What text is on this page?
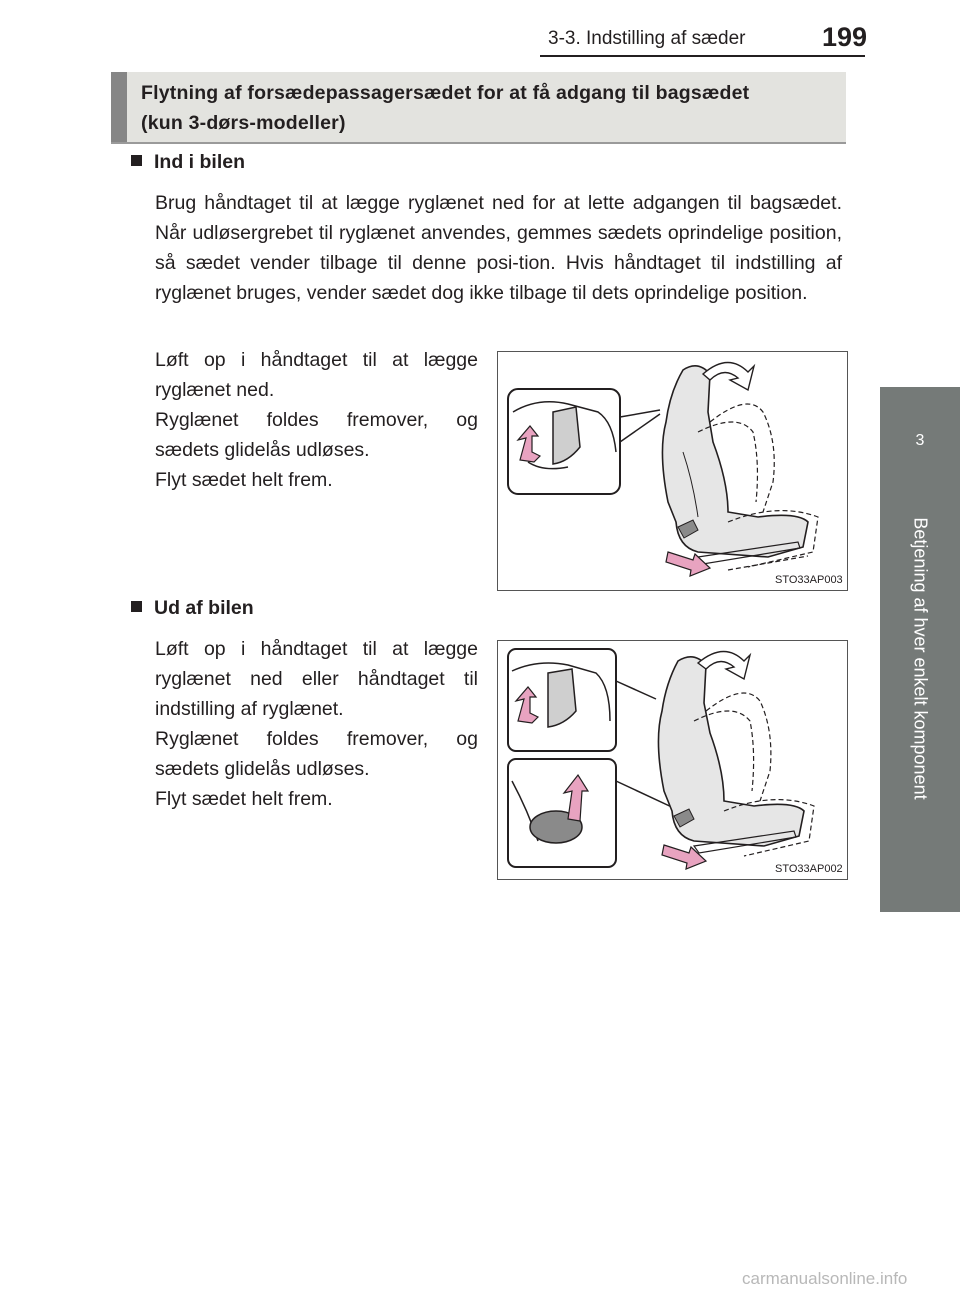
3-3. Indstilling af sæder	199
3
Betjening af hver enkelt komponent
Flytning af forsædepassagersædet for at få adgang til bagsædet
(kun 3-dørs-modeller)
Ind i bilen
Brug håndtaget til at lægge ryglænet ned for at lette adgangen til bagsædet. Når udløsergrebet til ryglænet anvendes, gemmes sædets oprindelige position, så sædet vender tilbage til denne posi-tion. Hvis håndtaget til indstilling af ryglænet bruges, vender sædet dog ikke tilbage til dets oprindelige position.
Løft op i håndtaget til at lægge ryglænet ned.
Ryglænet foldes fremover, og sædets glidelås udløses.
Flyt sædet helt frem.
STO33AP003
Ud af bilen
Løft op i håndtaget til at lægge ryglænet ned eller håndtaget til indstilling af ryglænet.
Ryglænet foldes fremover, og sædets glidelås udløses.
Flyt sædet helt frem.
STO33AP002
carmanualsonline.info
